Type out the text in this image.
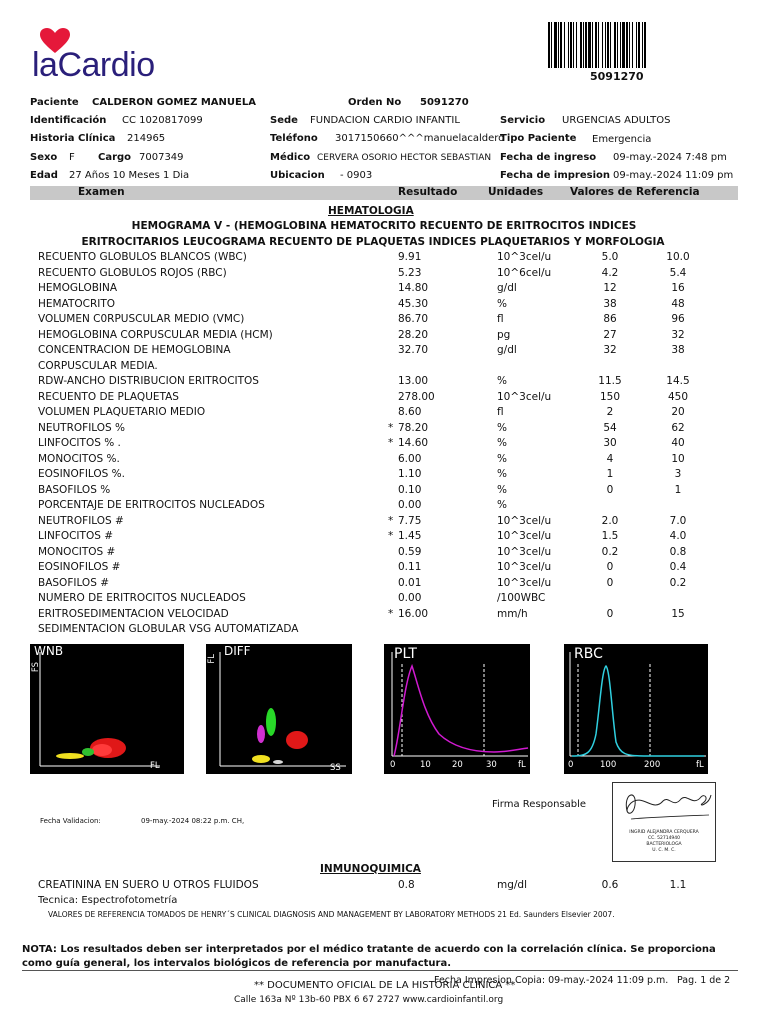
laCardio	5091270
Paciente CALDERON GOMEZ MANUELA	Orden No 5091270
Identificación CC 1020817099	Sede FUNDACION CARDIO INFANTIL	Servicio URGENCIAS ADULTOS
Historia Clínica 214965	Teléfono 3017150660^^^manuelacaldero
Tipo Paciente Emergencia
Sexo F Cargo 7007349	Médico CERVERA OSORIO HECTOR SEBASTIAN Fecha de ingreso 09-may.-2024 7:48 pm
Edad 27 Años 10 Meses 1 Dia	Ubicacion - 0903	Fecha de impresion 09-may.-2024 11:09 pm
Examen	Resultado	Unidades	Valores de Referencia
HEMATOLOGIA
HEMOGRAMA V - (HEMOGLOBINA HEMATOCRITO RECUENTO DE ERITROCITOS INDICES
ERITROCITARIOS LEUCOGRAMA RECUENTO DE PLAQUETAS INDICES PLAQUETARIOS Y MORFOLOGIA
RECUENTO GLOBULOS BLANCOS (WBC)	9.91	10^3cel/u	5.0	10.0
RECUENTO GLOBULOS ROJOS (RBC)	5.23	10^6cel/u	4.2	5.4
HEMOGLOBINA	14.80	g/dl	12	16
HEMATOCRITO	45.30	%	38	48
VOLUMEN C0RPUSCULAR MEDIO (VMC)	86.70	fl	86	96
HEMOGLOBINA CORPUSCULAR MEDIA (HCM)	28.20	pg	27	32
CONCENTRACION DE HEMOGLOBINA	32.70	g/dl	32	38
CORPUSCULAR MEDIA.
RDW-ANCHO DISTRIBUCION ERITROCITOS	13.00	%	11.5	14.5
RECUENTO DE PLAQUETAS	278.00	10^3cel/u	150	450
VOLUMEN PLAQUETARIO MEDIO	8.60	fl	2	20
NEUTROFILOS %	* 78.20	%	54	62
LINFOCITOS % .	* 14.60	%	30	40
MONOCITOS %.	6.00	%	4	10
EOSINOFILOS %.	1.10	%	1	3
BASOFILOS %	0.10	%	0	1
PORCENTAJE DE ERITROCITOS NUCLEADOS	0.00	%
NEUTROFILOS #	* 7.75	10^3cel/u	2.0	7.0
LINFOCITOS #	* 1.45	10^3cel/u	1.5	4.0
MONOCITOS #	0.59	10^3cel/u	0.2	0.8
EOSINOFILOS #	0.11	10^3cel/u	0	0.4
BASOFILOS #	0.01	10^3cel/u	0	0.2
NUMERO DE ERITROCITOS NUCLEADOS	0.00	/100WBC
ERITROSEDIMENTACION VELOCIDAD	* 16.00	mm/h	0	15
SEDIMENTACION GLOBULAR VSG AUTOMATIZADA
WNB
FS
FL
DIFF
FL
SS
PLT
0	10 20	30 fL
RBC
0	100	200	fL
Firma Responsable
INGRID ALEJANDRA CERQUERA
CC. 52714940
BACTERIOLOGA
U. C. M. C.
Fecha Validacion:	09-may.-2024 08:22 p.m. CH,
INMUNOQUIMICA
CREATININA EN SUERO U OTROS FLUIDOS	0.8	mg/dl	0.6	1.1
Tecnica: Espectrofotometría
VALORES DE REFERENCIA TOMADOS DE HENRY´S CLINICAL DIAGNOSIS AND MANAGEMENT BY LABORATORY METHODS 21 Ed. Saunders Elsevier 2007.
NOTA: Los resultados deben ser interpretados por el médico tratante de acuerdo con la correlación clínica. Se proporciona como guía general, los intervalos biológicos de referencia por manufactura.
Fecha Impresion Copia: 09-may.-2024 11:09 p.m. Pag. 1 de 2
** DOCUMENTO OFICIAL DE LA HISTORIA CLINICA **
Calle 163a Nº 13b-60 PBX 6 67 2727 www.cardioinfantil.org
